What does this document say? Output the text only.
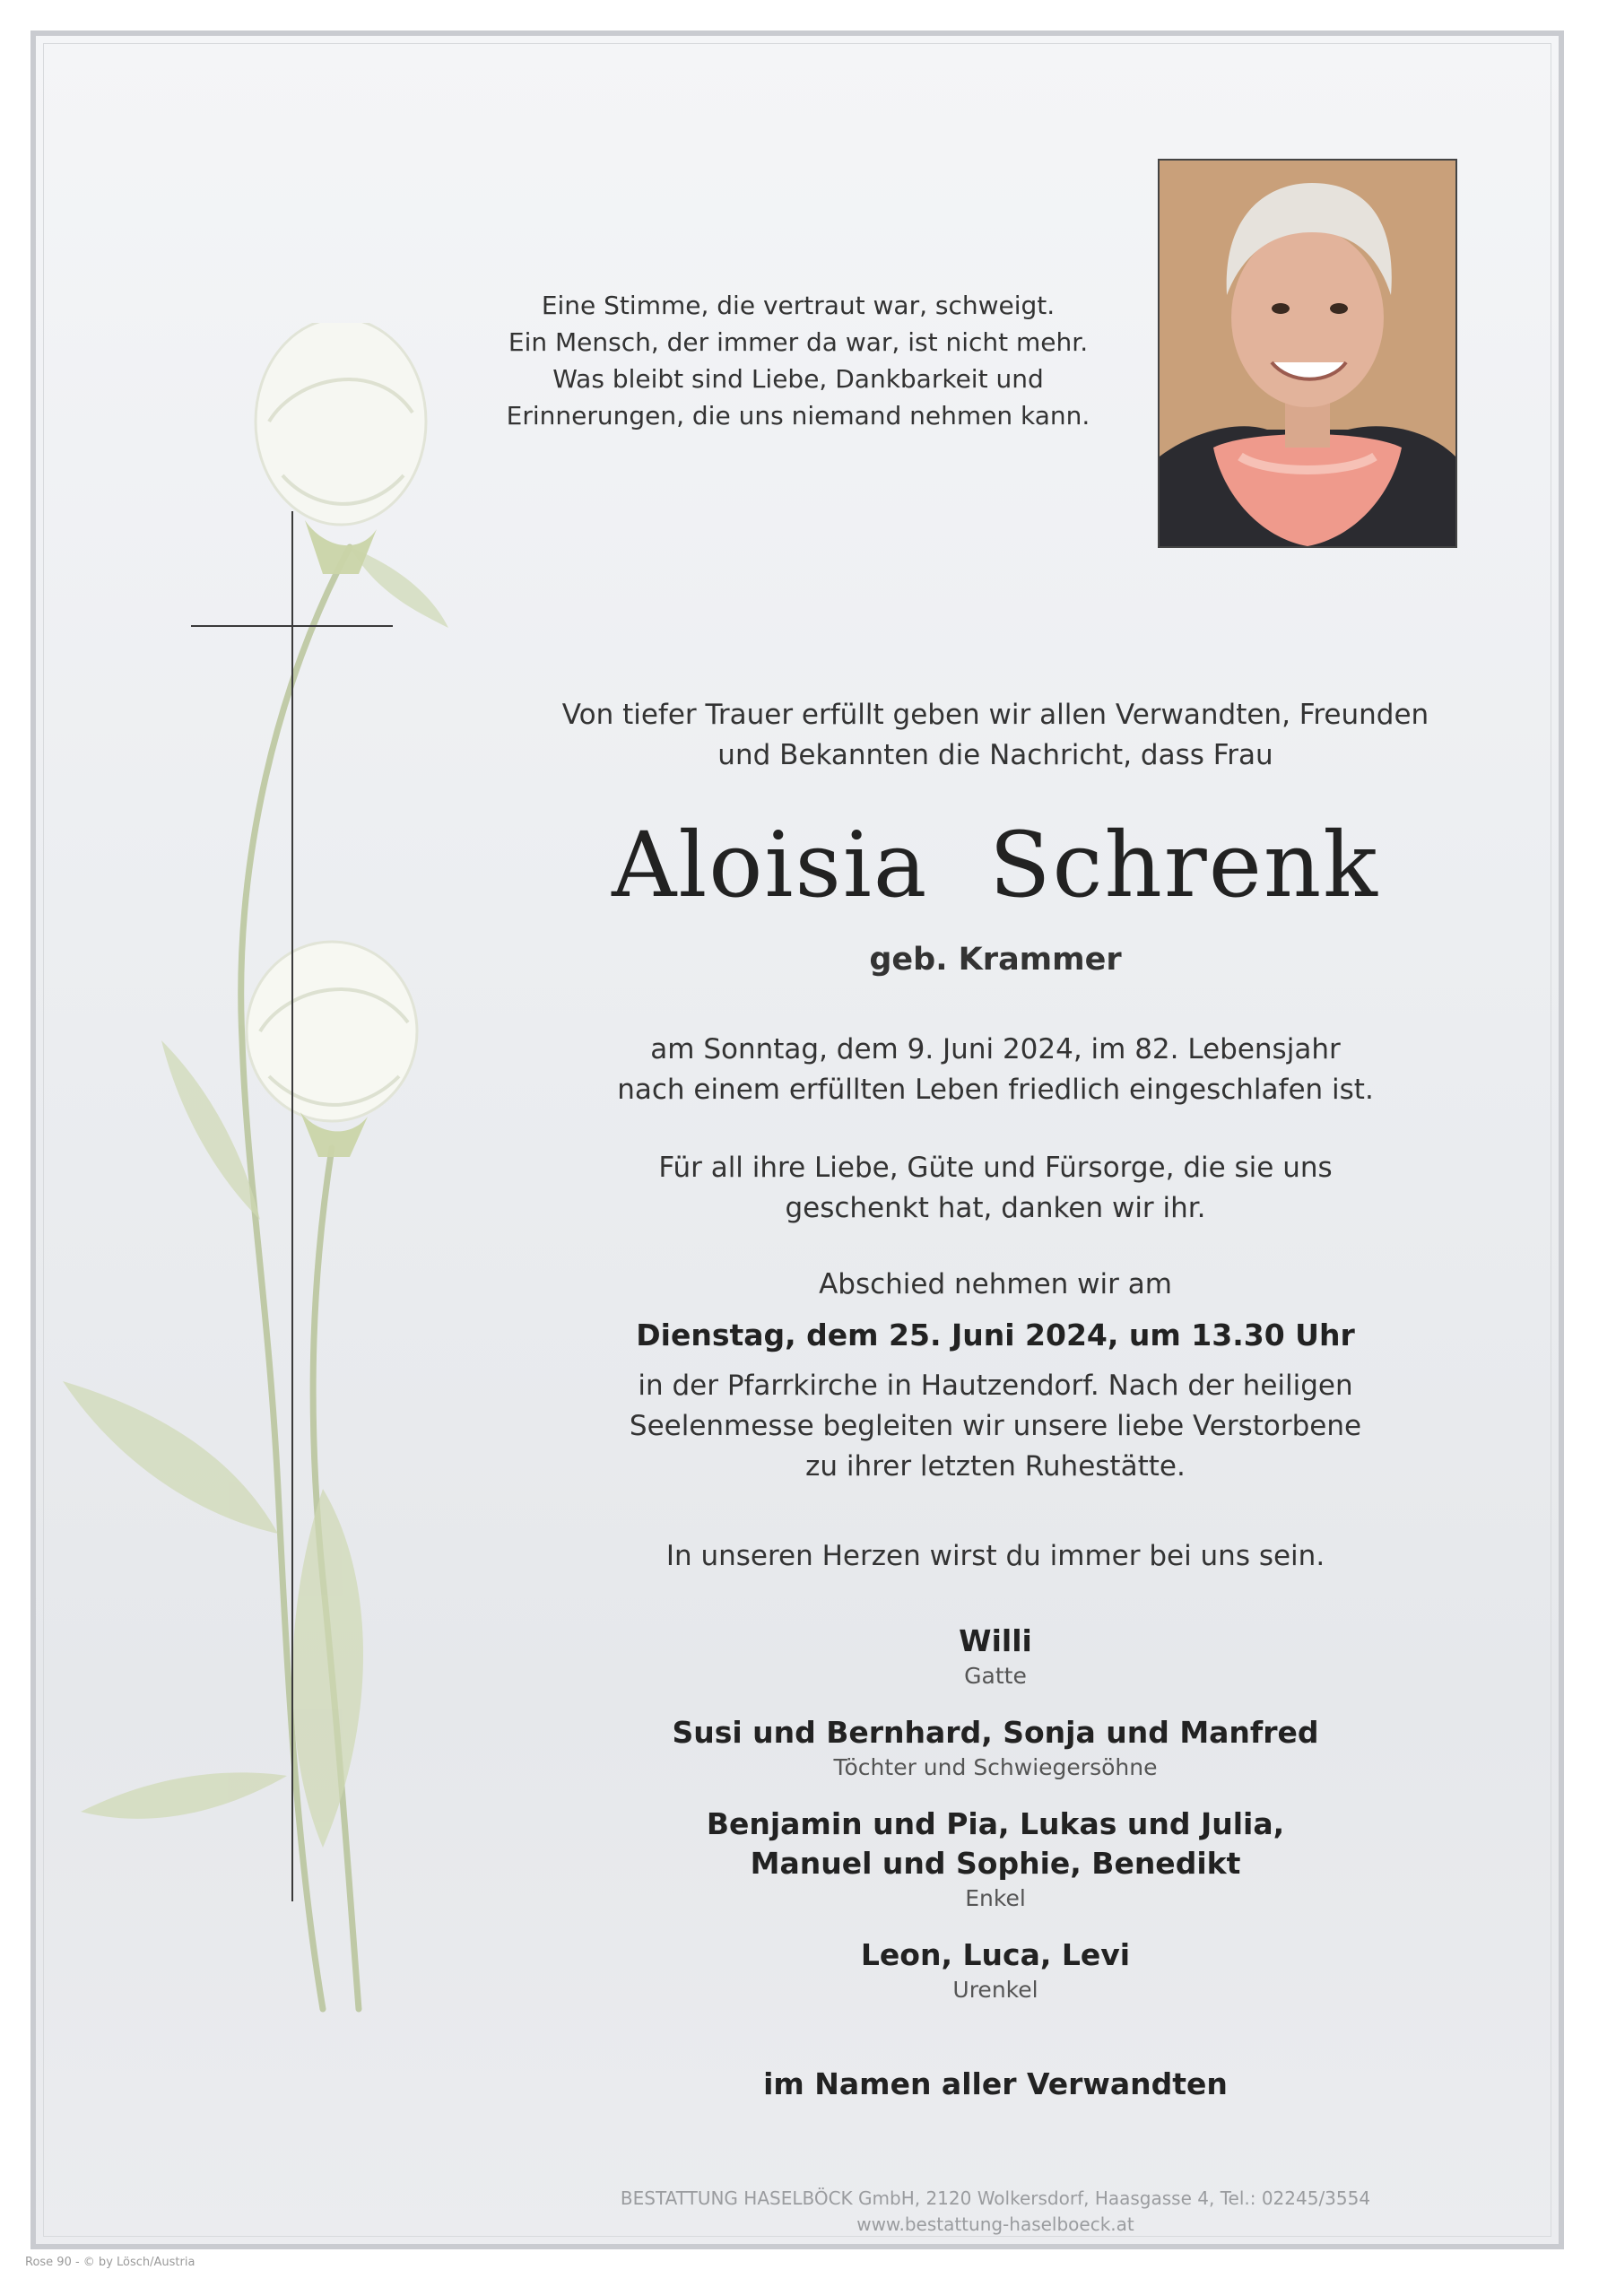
Eine Stimme, die vertraut war, schweigt.
Ein Mensch, der immer da war, ist nicht mehr.
Was bleibt sind Liebe, Dankbarkeit und
Erinnerungen, die uns niemand nehmen kann.
Von tiefer Trauer erfüllt geben wir allen Verwandten, Freunden
und Bekannten die Nachricht, dass Frau
Aloisia  Schrenk
geb. Krammer
am Sonntag, dem 9. Juni 2024, im 82. Lebensjahr
nach einem erfüllten Leben friedlich eingeschlafen ist.
Für all ihre Liebe, Güte und Fürsorge, die sie uns
geschenkt hat, danken wir ihr.
Abschied nehmen wir am
Dienstag, dem 25. Juni 2024, um 13.30 Uhr
in der Pfarrkirche in Hautzendorf. Nach der heiligen
Seelenmesse begleiten wir unsere liebe Verstorbene
zu ihrer letzten Ruhestätte.
In unseren Herzen wirst du immer bei uns sein.
Willi
Gatte
Susi und Bernhard, Sonja und Manfred
Töchter und Schwiegersöhne
Benjamin und Pia, Lukas und Julia,
Manuel und Sophie, Benedikt
Enkel
Leon, Luca, Levi
Urenkel
im Namen aller Verwandten
BESTATTUNG HASELBÖCK GmbH, 2120 Wolkersdorf, Haasgasse 4, Tel.: 02245/3554
www.bestattung-haselboeck.at
Rose 90 - © by Lösch/Austria
